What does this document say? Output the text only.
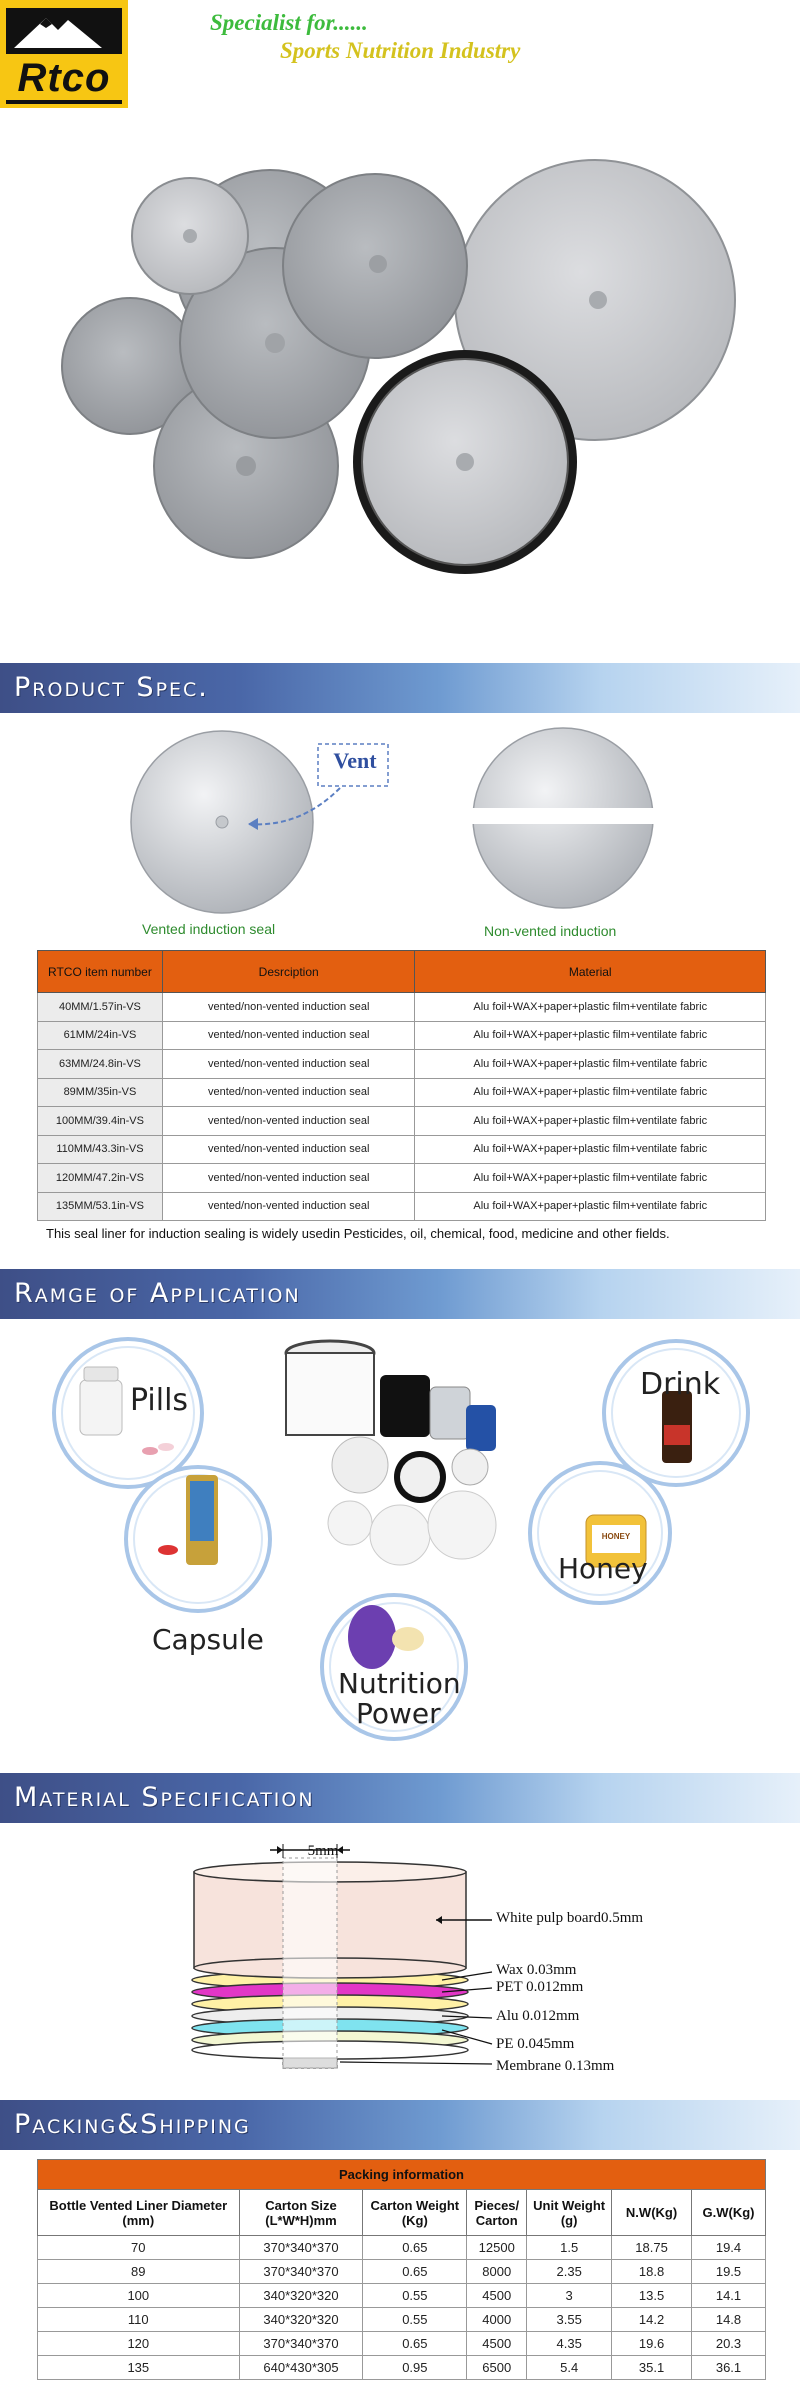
Rtco
Specialist for......
Sports Nutrition Industry
Product Spec.
Vent
Vented induction seal	Non-vented induction
RTCO item number	Desrciption	Material
40MM/1.57in-VS	vented/non-vented induction seal	Alu foil+WAX+paper+plastic film+ventilate fabric
61MM/24in-VS	vented/non-vented induction seal	Alu foil+WAX+paper+plastic film+ventilate fabric
63MM/24.8in-VS	vented/non-vented induction seal	Alu foil+WAX+paper+plastic film+ventilate fabric
89MM/35in-VS	vented/non-vented induction seal	Alu foil+WAX+paper+plastic film+ventilate fabric
100MM/39.4in-VS	vented/non-vented induction seal	Alu foil+WAX+paper+plastic film+ventilate fabric
110MM/43.3in-VS	vented/non-vented induction seal	Alu foil+WAX+paper+plastic film+ventilate fabric
120MM/47.2in-VS	vented/non-vented induction seal	Alu foil+WAX+paper+plastic film+ventilate fabric
135MM/53.1in-VS	vented/non-vented induction seal	Alu foil+WAX+paper+plastic film+ventilate fabric
This seal liner for induction sealing is widely usedin Pesticides, oil, chemical, food, medicine and other fields.
Ramge of Application
Pills	Drink
Capsule
Honey
HONEY
Nutrition
Power
Material Specification
5mm
White pulp board0.5mm
Wax 0.03mm
PET 0.012mm
Alu 0.012mm
PE 0.045mm
Membrane 0.13mm
Packing&Shipping
Packing information						
Bottle Vented Liner Diameter (mm)	Carton Size (L*W*H)mm	Carton Weight (Kg)	Pieces/ Carton	Unit Weight (g)	N.W(Kg)	G.W(Kg)
70	370*340*370	0.65	12500	1.5	18.75	19.4
89	370*340*370	0.65	8000	2.35	18.8	19.5
100	340*320*320	0.55	4500	3	13.5	14.1
110	340*320*320	0.55	4000	3.55	14.2	14.8
120	370*340*370	0.65	4500	4.35	19.6	20.3
135	640*430*305	0.95	6500	5.4	35.1	36.1
